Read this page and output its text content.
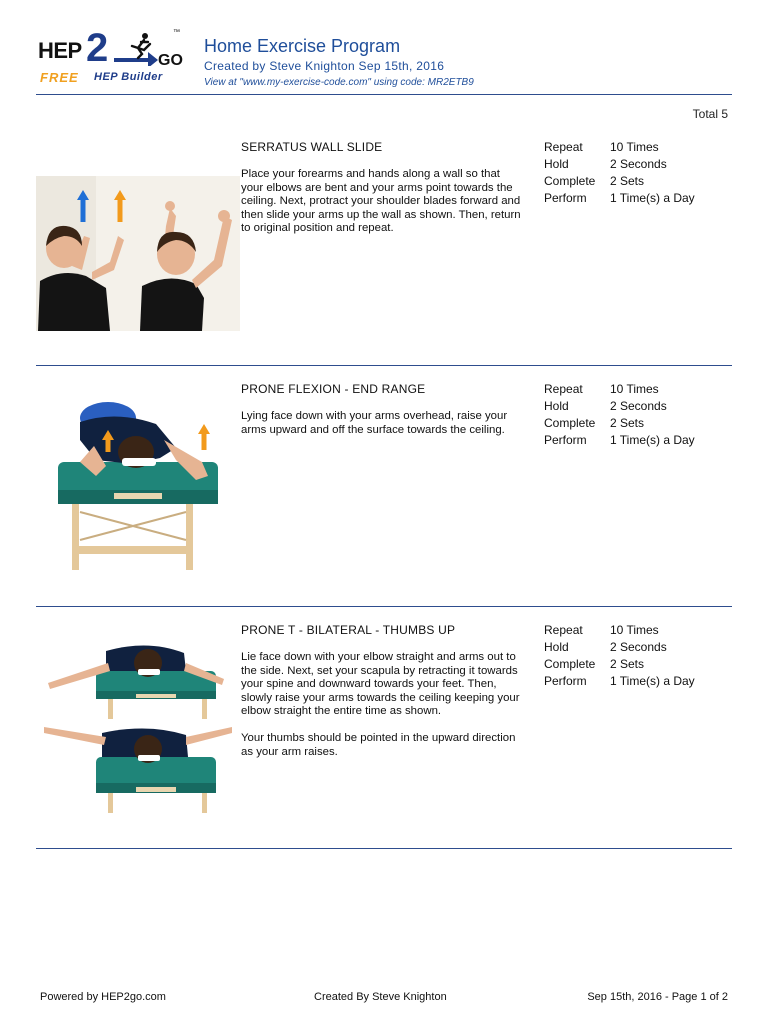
HEP 2	GO
™
FREE HEP Builder
Home Exercise Program
Created by Steve Knighton Sep 15th, 2016
View at "www.my-exercise-code.com" using code: MR2ETB9
Total 5
SERRATUS WALL SLIDE

Place your forearms and hands along a wall so that your elbows are bent and your arms point towards the ceiling. Next, protract your shoulder blades forward and then slide your arms up the wall as shown. Then, return to original position and repeat.

Repeat	10 Times
Hold	2 Seconds
Complete	2 Sets
Perform	1 Time(s) a Day
PRONE FLEXION - END RANGE

Lying face down with your arms overhead, raise your arms upward and off the surface towards the ceiling.

Repeat	10 Times
Hold	2 Seconds
Complete	2 Sets
Perform	1 Time(s) a Day
PRONE T - BILATERAL - THUMBS UP

Lie face down with your elbow straight and arms out to the side. Next, set your scapula by retracting it towards your spine and downward towards your feet. Then, slowly raise your arms towards the ceiling keeping your elbow straight the entire time as shown.

Your thumbs should be pointed in the upward direction as your arm raises.

Repeat	10 Times
Hold	2 Seconds
Complete	2 Sets
Perform	1 Time(s) a Day
Powered by HEP2go.com	Created By Steve Knighton	Sep 15th, 2016 - Page 1 of 2
